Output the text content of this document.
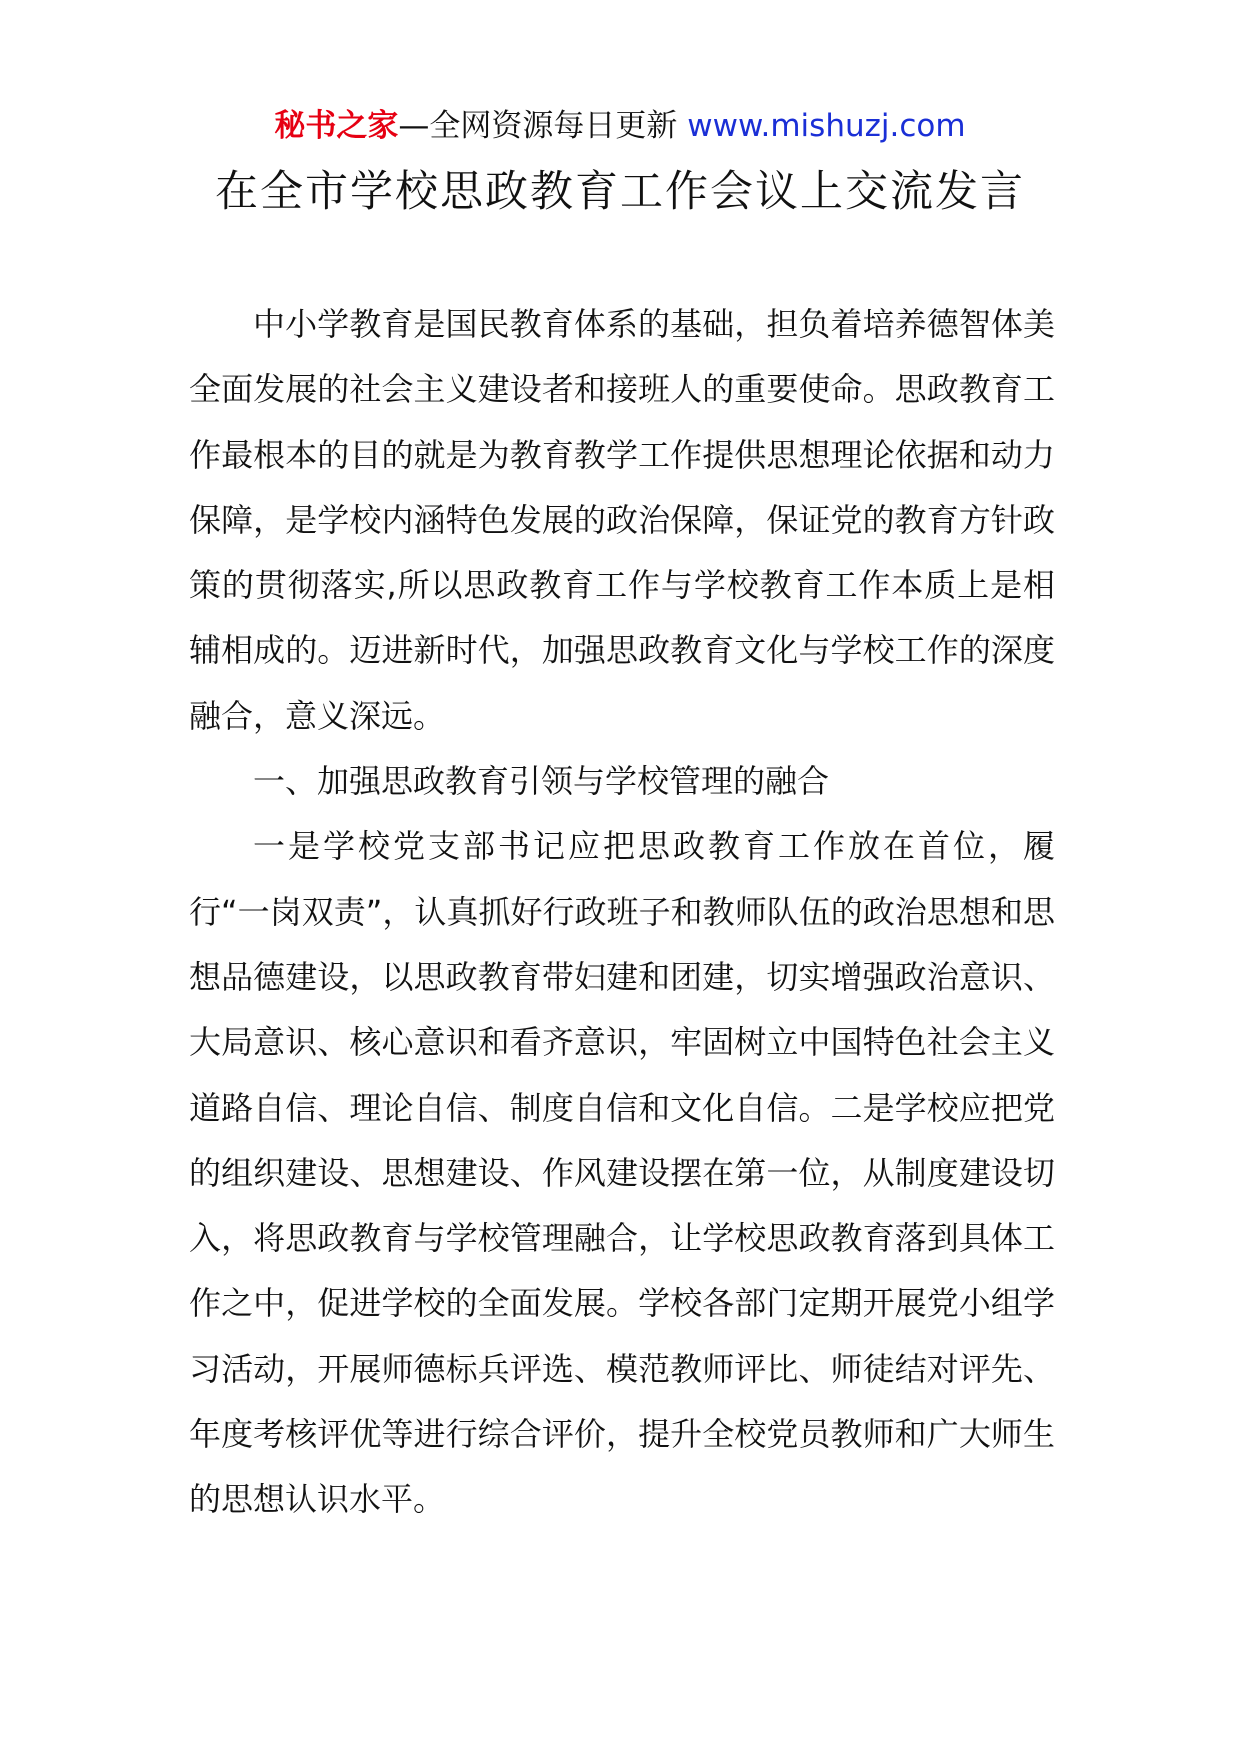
秘书之家—全网资源每日更新 www.mishuzj.com
在全市学校思政教育工作会议上交流发言

中小学教育是国民教育体系的基础，担负着培养德智体美全面发展的社会主义建设者和接班人的重要使命。思政教育工作最根本的目的就是为教育教学工作提供思想理论依据和动力保障，是学校内涵特色发展的政治保障，保证党的教育方针政策的贯彻落实,所以思政教育工作与学校教育工作本质上是相辅相成的。迈进新时代，加强思政教育文化与学校工作的深度融合，意义深远。

一、加强思政教育引领与学校管理的融合

一是学校党支部书记应把思政教育工作放在首位，履行“一岗双责”，认真抓好行政班子和教师队伍的政治思想和思想品德建设，以思政教育带妇建和团建，切实增强政治意识、大局意识、核心意识和看齐意识，牢固树立中国特色社会主义道路自信、理论自信、制度自信和文化自信。二是学校应把党的组织建设、思想建设、作风建设摆在第一位，从制度建设切入，将思政教育与学校管理融合，让学校思政教育落到具体工作之中，促进学校的全面发展。学校各部门定期开展党小组学习活动，开展师德标兵评选、模范教师评比、师徒结对评先、年度考核评优等进行综合评价，提升全校党员教师和广大师生的思想认识水平。
